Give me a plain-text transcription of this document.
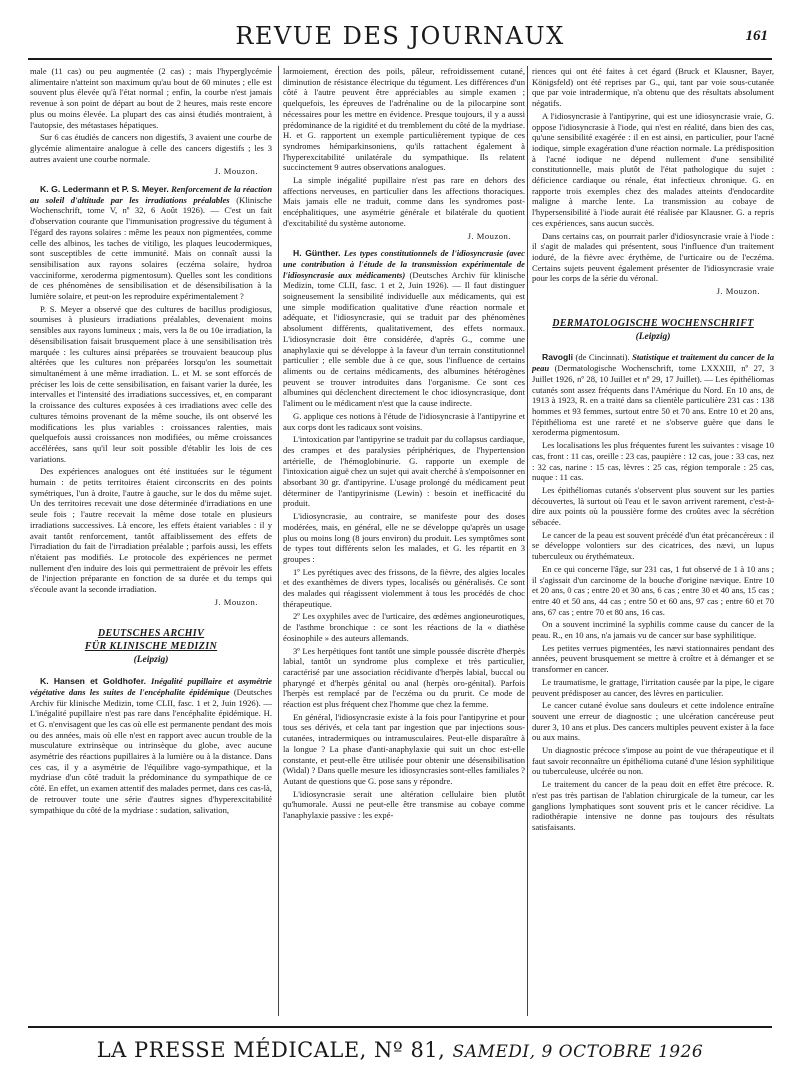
REVUE DES JOURNAUX	161

male (11 cas) ou peu augmentée (2 cas) ; mais l'hyperglycémie alimentaire n'atteint son maximum qu'au bout de 60 minutes ; elle est souvent plus élevée qu'à l'état normal ; enfin, la courbe n'est jamais revenue à son point de départ au bout de 2 heures, mais reste encore plus ou moins élevée. La plupart des cas ainsi étudiés montraient, à l'autopsie, des métastases hépatiques.

Sur 6 cas étudiés de cancers non digestifs, 3 avaient une courbe de glycémie alimentaire analogue à celle des cancers digestifs ; les 3 autres avaient une courbe normale.

J. Mouzon.

K. G. Ledermann et P. S. Meyer. Renforcement de la réaction au soleil d'altitude par les irradiations préalables (Klinische Wochenschrift, tome V, nº 32, 6 Août 1926). — C'est un fait d'observation courante que l'immunisation progressive du tégument à l'égard des rayons solaires : même les peaux non pigmentées, comme celle des albinos, les taches de vitiligo, les plaques leucodermiques, sont susceptibles de cette immunité. Mais on connaît aussi la sensibilisation aux rayons solaires (eczéma solaire, hydroa vacciniforme, xeroderma pigmentosum). Quelles sont les conditions de ces phénomènes de sensibilisation et de désensibilisation à la lumière solaire, et peut-on les reproduire expérimentalement ?

P. S. Meyer a observé que des cultures de bacillus prodigiosus, soumises à plusieurs irradiations préalables, devenaient moins sensibles aux rayons lumineux ; mais, vers la 8e ou 10e irradiation, la désensibilisation faisait brusquement place à une sensibilisation très marquée : les cultures ainsi préparées se trouvaient beaucoup plus altérées que les cultures non préparées lorsqu'on les soumettait simultanément à une même irradiation. L. et M. se sont efforcés de préciser les lois de cette sensibilisation, en faisant varier la durée, les intervalles et l'intensité des irradiations successives, et, en comparant la croissance des cultures exposées à ces irradiations avec celle des cultures témoins provenant de la même souche, ils ont observé les modifications les plus variables : croissances ralenties, mais quelquefois aussi croissances non modifiées, ou même croissances accélérées, sans qu'il leur soit possible d'établir les lois de ces variations.

Des expériences analogues ont été instituées sur le tégument humain : de petits territoires étaient circonscrits en des points symétriques, l'un à droite, l'autre à gauche, sur le dos du même sujet. Un des territoires recevait une dose déterminée d'irradiations en une seule fois ; l'autre recevait la même dose totale en plusieurs irradiations successives. Là encore, les effets étaient variables : il y avait tantôt renforcement, tantôt affaiblissement des effets de l'irradiation du fait de l'irradiation préalable ; parfois aussi, les effets n'étaient pas modifiés. Le protocole des expériences ne permet nullement d'en induire des lois qui permettraient de prévoir les effets de l'injection préparante en fonction de sa durée et du temps qui s'écoule avant la seconde irradiation.

J. Mouzon.

DEUTSCHES ARCHIV
FÜR KLINISCHE MEDIZIN
(Leipzig)

K. Hansen et Goldhofer. Inégalité pupillaire et asymétrie végétative dans les suites de l'encéphalite épidémique (Deutsches Archiv für klinische Medizin, tome CLII, fasc. 1 et 2, Juin 1926). — L'inégalité pupillaire n'est pas rare dans l'encéphalite épidémique. H. et G. n'envisagent que les cas où elle est permanente pendant des mois ou des années, mais où elle n'est en rapport avec aucun trouble de la musculature extrinsèque ou intrinsèque du globe, avec aucune asymétrie des réactions pupillaires à la lumière ou à la distance. Dans ces cas, il y a asymétrie de l'équilibre vago-sympathique, et la mydriase d'un côté traduit la prédominance du sympathique de ce côté. En effet, un examen attentif des malades permet, dans ces cas-là, de retrouver toute une série d'autres signes d'hyperexcitabilité sympathique du côté de la mydriase : sudation, salivation,

larmoiement, érection des poils, pâleur, refroidissement cutané, diminution de résistance électrique du tégument. Les différences d'un côté à l'autre peuvent être appréciables au simple examen ; quelquefois, les épreuves de l'adrénaline ou de la pilocarpine sont nécessaires pour les mettre en évidence. Presque toujours, il y a aussi prédominance de la rigidité et du tremblement du côté de la mydriase. H. et G. rapportent un exemple particulièrement typique de ces syndromes hémiparkinsoniens, qu'ils rattachent également à l'hyperexcitabilité unilatérale du sympathique. Ils relatent succinctement 9 autres observations analogues.

La simple inégalité pupillaire n'est pas rare en dehors des affections nerveuses, en particulier dans les affections thoraciques. Mais jamais elle ne traduit, comme dans les syndromes post-encéphalitiques, une asymétrie générale et bilatérale du quotient d'excitabilité du système autonome.

J. Mouzon.

H. Günther. Les types constitutionnels de l'idiosyncrasie (avec une contribution à l'étude de la transmission expérimentale de l'idiosyncrasie aux médicaments) (Deutsches Archiv für klinische Medizin, tome CLII, fasc. 1 et 2, Juin 1926). — Il faut distinguer soigneusement la sensibilité individuelle aux médicaments, qui est une simple modification qualitative d'une réaction normale et adéquate, et l'idiosyncrasie, qui se traduit par des phénomènes absolument différents, qualitativement, des effets normaux. L'idiosyncrasie doit être considérée, d'après G., comme une anaphylaxie qui se développe à la faveur d'un terrain constitutionnel particulier ; elle semble due à ce que, sous l'influence de certains aliments ou de certains médicaments, des albumines hétérogènes peuvent se trouver introduites dans l'organisme. Ce sont ces albumines qui déclenchent directement le choc idiosyncrasique, dont l'aliment ou le médicament n'est que la cause indirecte.

G. applique ces notions à l'étude de l'idiosyncrasie à l'antipyrine et aux corps dont les radicaux sont voisins.

L'intoxication par l'antipyrine se traduit par du collapsus cardiaque, des crampes et des paralysies périphériques, de l'hypertension artérielle, de l'hémoglobinurie. G. rapporte un exemple de l'intoxication aiguë chez un sujet qui avait cherché à s'empoisonner en absorbant 30 gr. d'antipyrine. L'usage prolongé du médicament peut déterminer de l'antipyrinisme (Lewin) : besoin et inefficacité du produit.

L'idiosyncrasie, au contraire, se manifeste pour des doses modérées, mais, en général, elle ne se développe qu'après un usage plus ou moins long (8 jours environ) du produit. Les symptômes sont de types tout différents selon les malades, et G. les répartit en 3 groupes :

1º Les pyrétiques avec des frissons, de la fièvre, des algies locales et des exanthèmes de divers types, localisés ou généralisés. Ce sont des malades qui réagissent violemment à tous les procédés de choc thérapeutique.

2º Les oxyphiles avec de l'urticaire, des œdèmes angioneurotiques, de l'asthme bronchique : ce sont les réactions de la « diathèse éosinophile » des auteurs allemands.

3º Les herpétiques font tantôt une simple poussée discrète d'herpès labial, tantôt un syndrome plus complexe et très particulier, caractérisé par une association récidivante d'herpès labial, buccal ou pharyngé et d'herpès génital ou anal (herpès oro-génital). Parfois l'herpès est remplacé par de l'eczéma ou du prurit. Ce mode de réaction est plus fréquent chez l'homme que chez la femme.

En général, l'idiosyncrasie existe à la fois pour l'antipyrine et pour tous ses dérivés, et cela tant par ingestion que par injections sous-cutanées, intradermiques ou intramusculaires. Peut-elle disparaître à la longue ? La phase d'anti-anaphylaxie qui suit un choc est-elle constante, et peut-elle être utilisée pour obtenir une désensibilisation (Widal) ? Dans quelle mesure les idiosyncrasies sont-elles familiales ? Autant de questions que G. pose sans y répondre.

L'idiosyncrasie serait une altération cellulaire bien plutôt qu'humorale. Aussi ne peut-elle être transmise au cobaye comme l'anaphylaxie passive : les expé-

riences qui ont été faites à cet égard (Bruck et Klausner, Bayer, Königsfeld) ont été reprises par G., qui, tant par voie sous-cutanée que par voie intradermique, n'a obtenu que des résultats absolument négatifs.

A l'idiosyncrasie à l'antipyrine, qui est une idiosyncrasie vraie, G. oppose l'idiosyncrasie à l'iode, qui n'est en réalité, dans bien des cas, qu'une sensibilité exagérée : il en est ainsi, en particulier, pour l'acné iodique, simple exagération d'une réaction normale. La prédisposition à l'acné iodique ne dépend nullement d'une sensibilité constitutionnelle, mais plutôt de l'état pathologique du sujet : déficience cardiaque ou rénale, état infectieux chronique. G. en rapporte trois exemples chez des malades atteints d'endocardite maligne à marche lente. La transmission au cobaye de l'hypersensibilité à l'iode aurait été réalisée par Klausner. G. a repris ces expériences, sans aucun succès.

Dans certains cas, on pourrait parler d'idiosyncrasie vraie à l'iode : il s'agit de malades qui présentent, sous l'influence d'un traitement ioduré, de la fièvre avec érythème, de l'urticaire ou de l'eczéma. Certains sujets peuvent également présenter de l'idiosyncrasie vraie pour les corps de la série du véronal.

J. Mouzon.

DERMATOLOGISCHE WOCHENSCHRIFT
(Leipzig)

Ravogli (de Cincinnati). Statistique et traitement du cancer de la peau (Dermatologische Wochenschrift, tome LXXXIII, nº 27, 3 Juillet 1926, nº 28, 10 Juillet et nº 29, 17 Juillet). — Les épithéliomas cutanés sont assez fréquents dans l'Amérique du Nord. En 10 ans, de 1913 à 1923, R. en a traité dans sa clientèle particulière 231 cas : 138 hommes et 93 femmes, surtout entre 50 et 70 ans. Entre 10 et 20 ans, l'épithélioma est une rareté et ne s'observe guère que dans le xeroderma pigmentosum.

Les localisations les plus fréquentes furent les suivantes : visage 10 cas, front : 11 cas, oreille : 23 cas, paupière : 12 cas, joue : 33 cas, nez : 32 cas, narine : 15 cas, lèvres : 25 cas, région temporale : 25 cas, nuque : 11 cas.

Les épithéliomas cutanés s'observent plus souvent sur les parties découvertes, là surtout où l'eau et le savon arrivent rarement, c'est-à-dire aux points où la poussière forme des croûtes avec la sécrétion sébacée.

Le cancer de la peau est souvent précédé d'un état précancéreux : il se développe volontiers sur des cicatrices, des nævi, un lupus tuberculeux ou érythémateux.

En ce qui concerne l'âge, sur 231 cas, 1 fut observé de 1 à 10 ans ; il s'agissait d'un carcinome de la bouche d'origine nævique. Entre 10 et 20 ans, 0 cas ; entre 20 et 30 ans, 6 cas ; entre 30 et 40 ans, 15 cas ; entre 40 et 50 ans, 44 cas ; entre 50 et 60 ans, 97 cas ; entre 60 et 70 ans, 67 cas ; entre 70 et 80 ans, 16 cas.

On a souvent incriminé la syphilis comme cause du cancer de la peau. R., en 10 ans, n'a jamais vu de cancer sur base syphilitique.

Les petites verrues pigmentées, les nævi stationnaires pendant des années, peuvent brusquement se mettre à croître et à démanger et se transformer en cancer.

Le traumatisme, le grattage, l'irritation causée par la pipe, le cigare peuvent prédisposer au cancer, des lèvres en particulier.

Le cancer cutané évolue sans douleurs et cette indolence entraîne souvent une erreur de diagnostic ; une ulcération cancéreuse peut durer 3, 10 ans et plus. Des cancers multiples peuvent exister à la face ou aux mains.

Un diagnostic précoce s'impose au point de vue thérapeutique et il faut savoir reconnaître un épithélioma cutané d'une lésion syphilitique ou tuberculeuse, ulcérée ou non.

Le traitement du cancer de la peau doit en effet être précoce. R. n'est pas très partisan de l'ablation chirurgicale de la tumeur, car les ganglions lymphatiques sont souvent pris et le cancer récidive. La radiothérapie intensive ne donne pas toujours des résultats satisfaisants.

LA PRESSE MÉDICALE, Nº 81, SAMEDI, 9 OCTOBRE 1926
